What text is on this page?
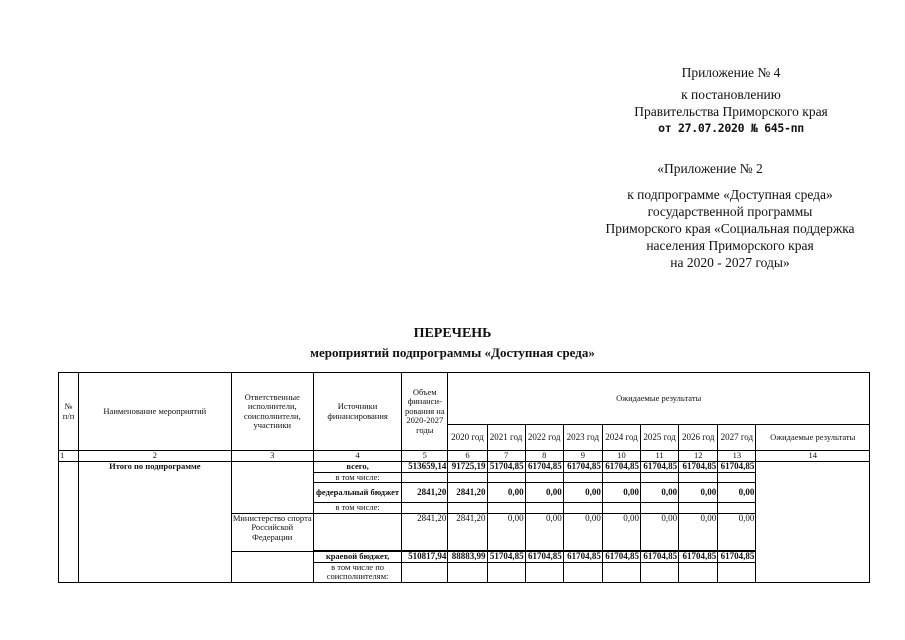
Приложение № 4
к постановлению
Правительства Приморского края
от 27.07.2020 № 645-пп
«Приложение № 2
к подпрограмме «Доступная среда»
государственной программы
Приморского края «Социальная поддержка
населения Приморского края
на 2020 - 2027 годы»
ПЕРЕЧЕНЬ
мероприятий подпрограммы «Доступная среда»
№ п/п	Наименование мероприятий	Ответственные исполнители, соисполнители, участники	Источники финансирования	Объем финанси-рования на 2020-2027 годы	Ожидаемые результаты								
					2020 год	2021 год	2022 год	2023 год	2024 год	2025 год	2026 год	2027 год	Ожидаемые результаты
1	2	3	4	5	6	7	8	9	10	11	12	13	14
	Итого по подпрограмме		всего,	513659,14	91725,19	51704,85	61704,85	61704,85	61704,85	61704,85	61704,85	61704,85	
			в том числе:										
			федеральный бюджет	2841,20	2841,20	0,00	0,00	0,00	0,00	0,00	0,00	0,00	
			в том числе:										
		Министерство спорта Российской Федерации		2841,20	2841,20	0,00	0,00	0,00	0,00	0,00	0,00	0,00	
			краевой бюджет,	510817,94	88883,99	51704,85	61704,85	61704,85	61704,85	61704,85	61704,85	61704,85	
			в том числе по соисполнителям:										
